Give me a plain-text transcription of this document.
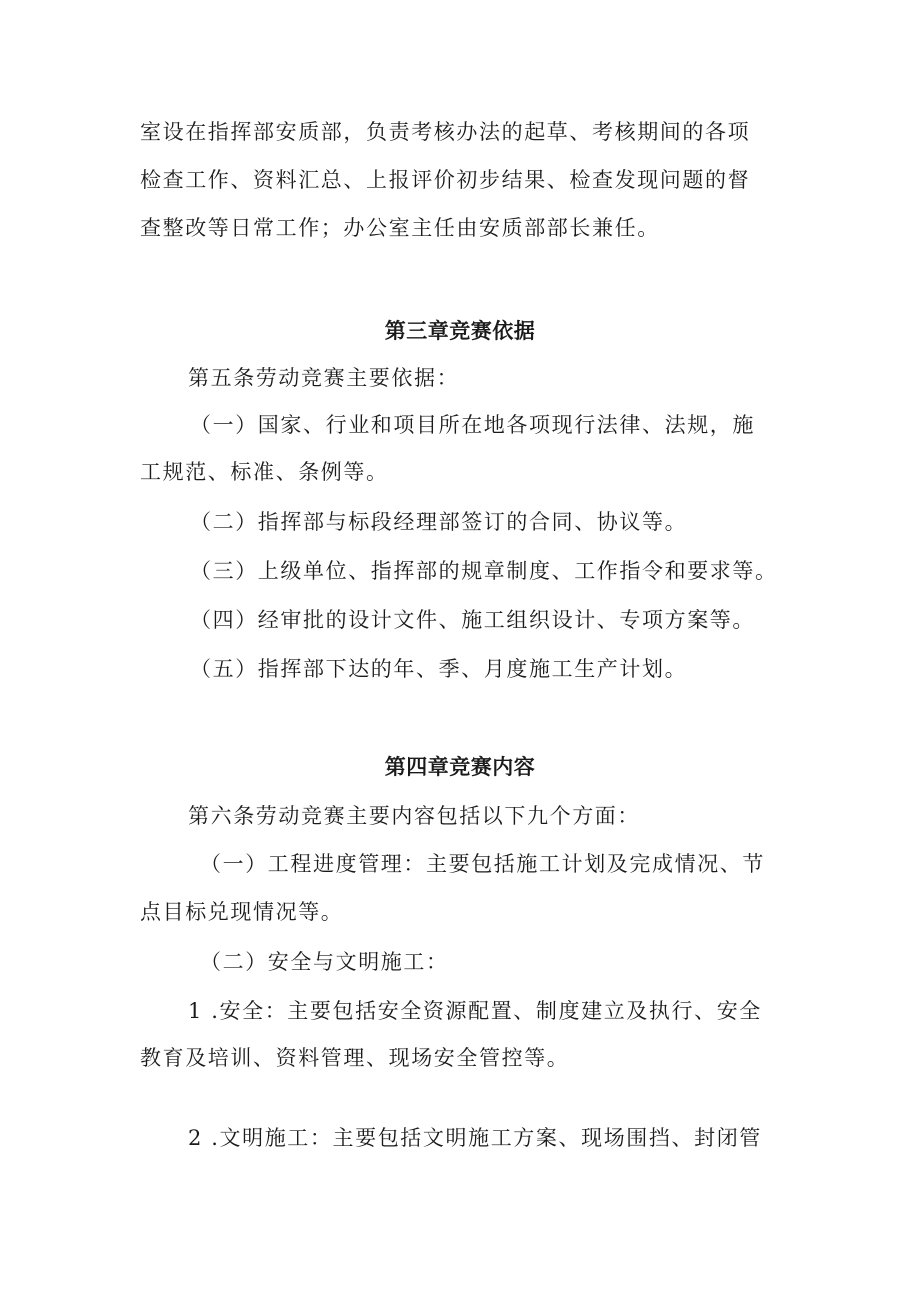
室设在指挥部安质部，负责考核办法的起草、考核期间的各项
检查工作、资料汇总、上报评价初步结果、检查发现问题的督
查整改等日常工作；办公室主任由安质部部长兼任。
第三章竞赛依据
第五条劳动竞赛主要依据：
（一）国家、行业和项目所在地各项现行法律、法规，施
工规范、标准、条例等。
（二）指挥部与标段经理部签订的合同、协议等。
（三）上级单位、指挥部的规章制度、工作指令和要求等。
（四）经审批的设计文件、施工组织设计、专项方案等。
（五）指挥部下达的年、季、月度施工生产计划。
第四章竞赛内容
第六条劳动竞赛主要内容包括以下九个方面：
（一）工程进度管理：主要包括施工计划及完成情况、节
点目标兑现情况等。
（二）安全与文明施工：
1 .安全：主要包括安全资源配置、制度建立及执行、安全
教育及培训、资料管理、现场安全管控等。
2 .文明施工：主要包括文明施工方案、现场围挡、封闭管
